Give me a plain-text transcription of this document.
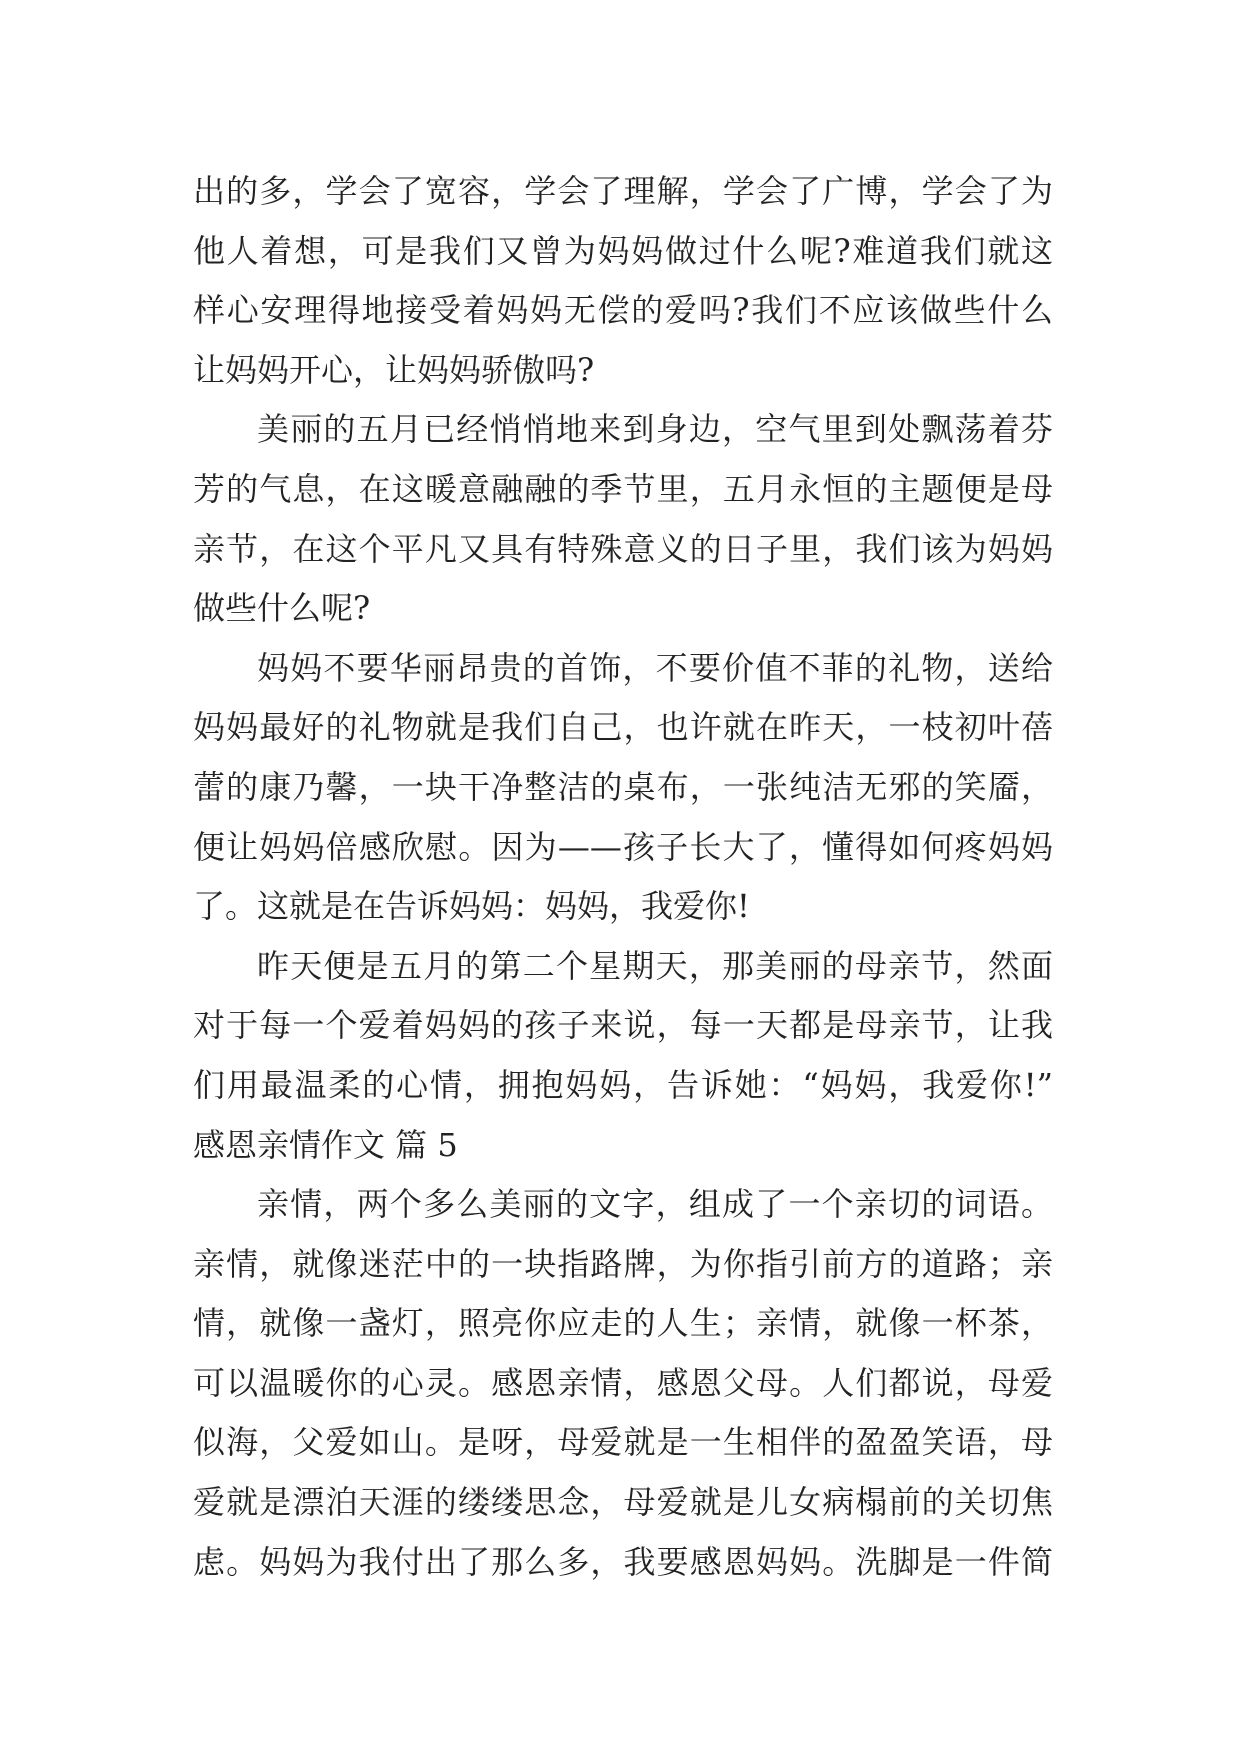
出的多，学会了宽容，学会了理解，学会了广博，学会了为
他人着想，可是我们又曾为妈妈做过什么呢?难道我们就这
样心安理得地接受着妈妈无偿的爱吗?我们不应该做些什么
让妈妈开心，让妈妈骄傲吗?
美丽的五月已经悄悄地来到身边，空气里到处飘荡着芬
芳的气息，在这暖意融融的季节里，五月永恒的主题便是母
亲节，在这个平凡又具有特殊意义的日子里，我们该为妈妈
做些什么呢?
妈妈不要华丽昂贵的首饰，不要价值不菲的礼物，送给
妈妈最好的礼物就是我们自己，也许就在昨天，一枝初叶蓓
蕾的康乃馨，一块干净整洁的桌布，一张纯洁无邪的笑靥，
便让妈妈倍感欣慰。因为——孩子长大了，懂得如何疼妈妈
了。这就是在告诉妈妈：妈妈，我爱你!
昨天便是五月的第二个星期天，那美丽的母亲节，然面
对于每一个爱着妈妈的孩子来说，每一天都是母亲节，让我
们用最温柔的心情，拥抱妈妈，告诉她：“妈妈，我爱你!”
感恩亲情作文 篇 5
亲情，两个多么美丽的文字，组成了一个亲切的词语。
亲情，就像迷茫中的一块指路牌，为你指引前方的道路；亲
情，就像一盏灯，照亮你应走的人生；亲情，就像一杯茶，
可以温暖你的心灵。感恩亲情，感恩父母。人们都说，母爱
似海，父爱如山。是呀，母爱就是一生相伴的盈盈笑语，母
爱就是漂泊天涯的缕缕思念，母爱就是儿女病榻前的关切焦
虑。妈妈为我付出了那么多，我要感恩妈妈。洗脚是一件简
